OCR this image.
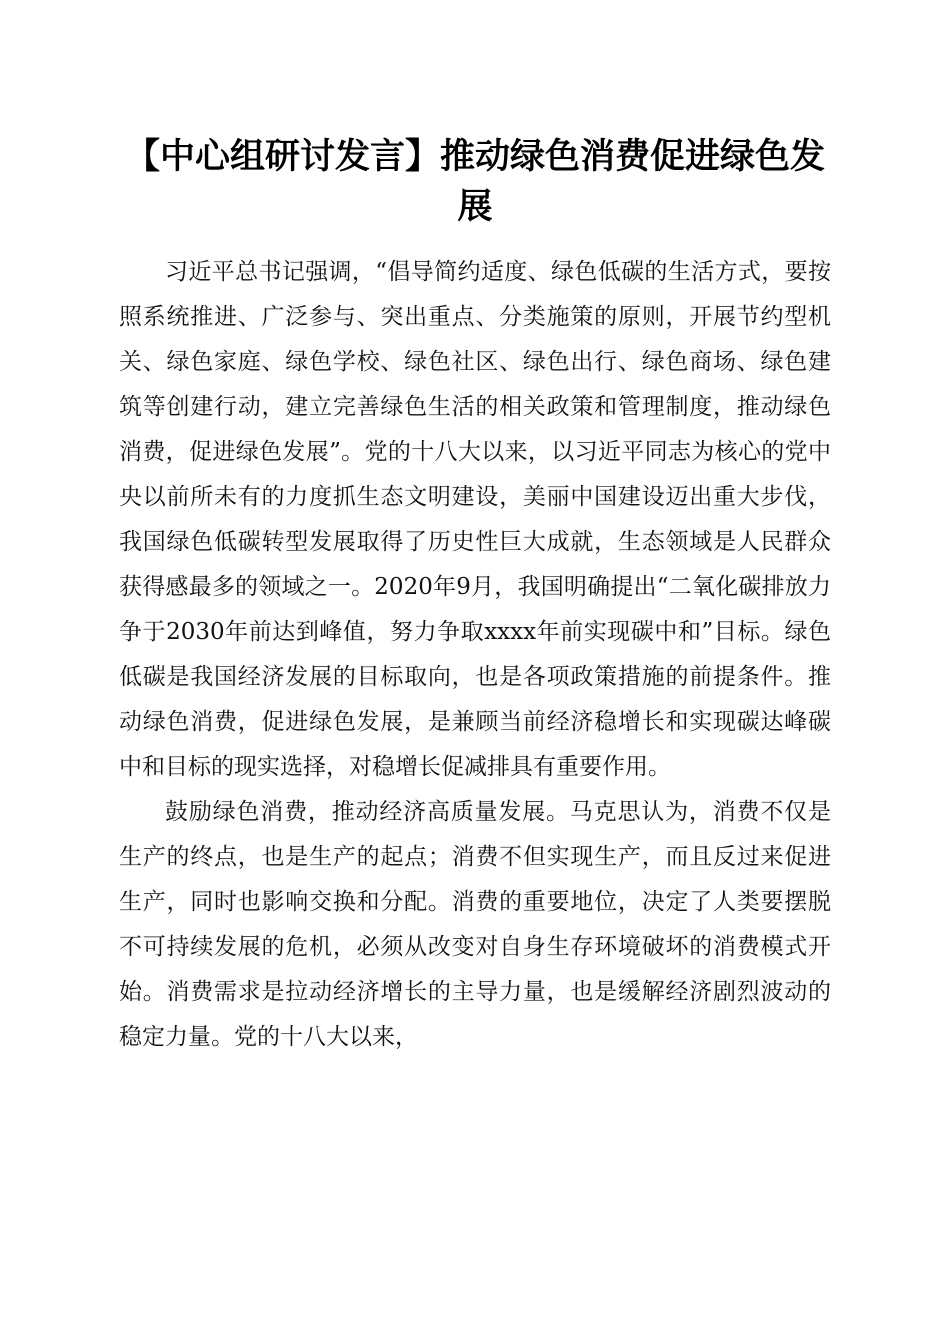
【中心组研讨发言】推动绿色消费促进绿色发展

习近平总书记强调，“倡导简约适度、绿色低碳的生活方式，要按照系统推进、广泛参与、突出重点、分类施策的原则，开展节约型机关、绿色家庭、绿色学校、绿色社区、绿色出行、绿色商场、绿色建筑等创建行动，建立完善绿色生活的相关政策和管理制度，推动绿色消费，促进绿色发展”。党的十八大以来，以习近平同志为核心的党中央以前所未有的力度抓生态文明建设，美丽中国建设迈出重大步伐，我国绿色低碳转型发展取得了历史性巨大成就，生态领域是人民群众获得感最多的领域之一。2020年9月，我国明确提出“二氧化碳排放力争于2030年前达到峰值，努力争取xxxx年前实现碳中和”目标。绿色低碳是我国经济发展的目标取向，也是各项政策措施的前提条件。推动绿色消费，促进绿色发展，是兼顾当前经济稳增长和实现碳达峰碳中和目标的现实选择，对稳增长促减排具有重要作用。

鼓励绿色消费，推动经济高质量发展。马克思认为，消费不仅是生产的终点，也是生产的起点；消费不但实现生产，而且反过来促进生产，同时也影响交换和分配。消费的重要地位，决定了人类要摆脱不可持续发展的危机，必须从改变对自身生存环境破坏的消费模式开始。消费需求是拉动经济增长的主导力量，也是缓解经济剧烈波动的稳定力量。党的十八大以来，
